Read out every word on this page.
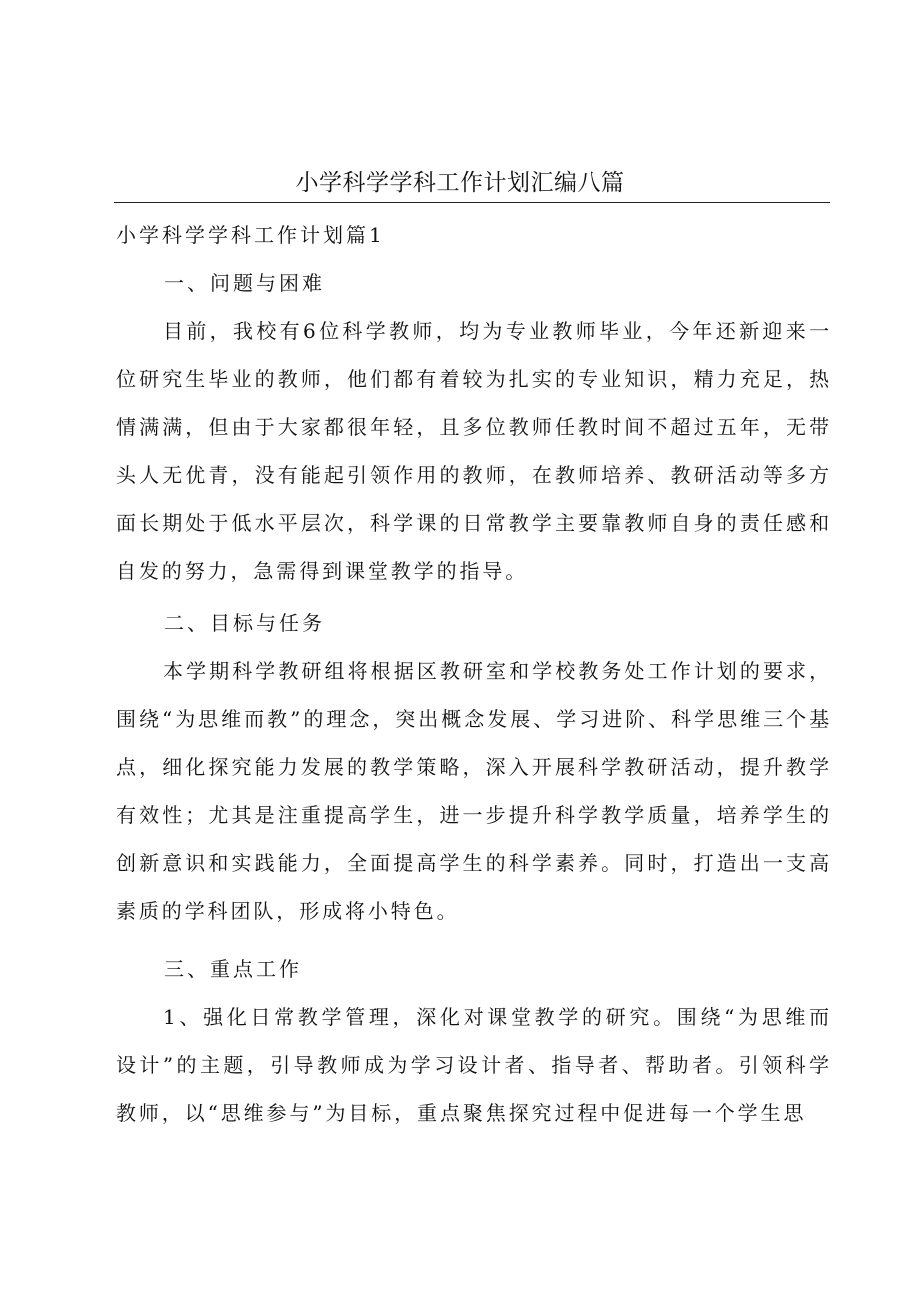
小学科学学科工作计划汇编八篇
小学科学学科工作计划篇1
一、问题与困难

目前，我校有6位科学教师，均为专业教师毕业，今年还新迎来一位研究生毕业的教师，他们都有着较为扎实的专业知识，精力充足，热情满满，但由于大家都很年轻，且多位教师任教时间不超过五年，无带头人无优青，没有能起引领作用的教师，在教师培养、教研活动等多方面长期处于低水平层次，科学课的日常教学主要靠教师自身的责任感和自发的努力，急需得到课堂教学的指导。

二、目标与任务

本学期科学教研组将根据区教研室和学校教务处工作计划的要求，围绕“为思维而教”的理念，突出概念发展、学习进阶、科学思维三个基点，细化探究能力发展的教学策略，深入开展科学教研活动，提升教学有效性；尤其是注重提高学生，进一步提升科学教学质量，培养学生的创新意识和实践能力，全面提高学生的科学素养。同时，打造出一支高素质的学科团队，形成将小特色。

三、重点工作

1、强化日常教学管理，深化对课堂教学的研究。围绕“为思维而设计”的主题，引导教师成为学习设计者、指导者、帮助者。引领科学教师，以“思维参与”为目标，重点聚焦探究过程中促进每一个学生思
